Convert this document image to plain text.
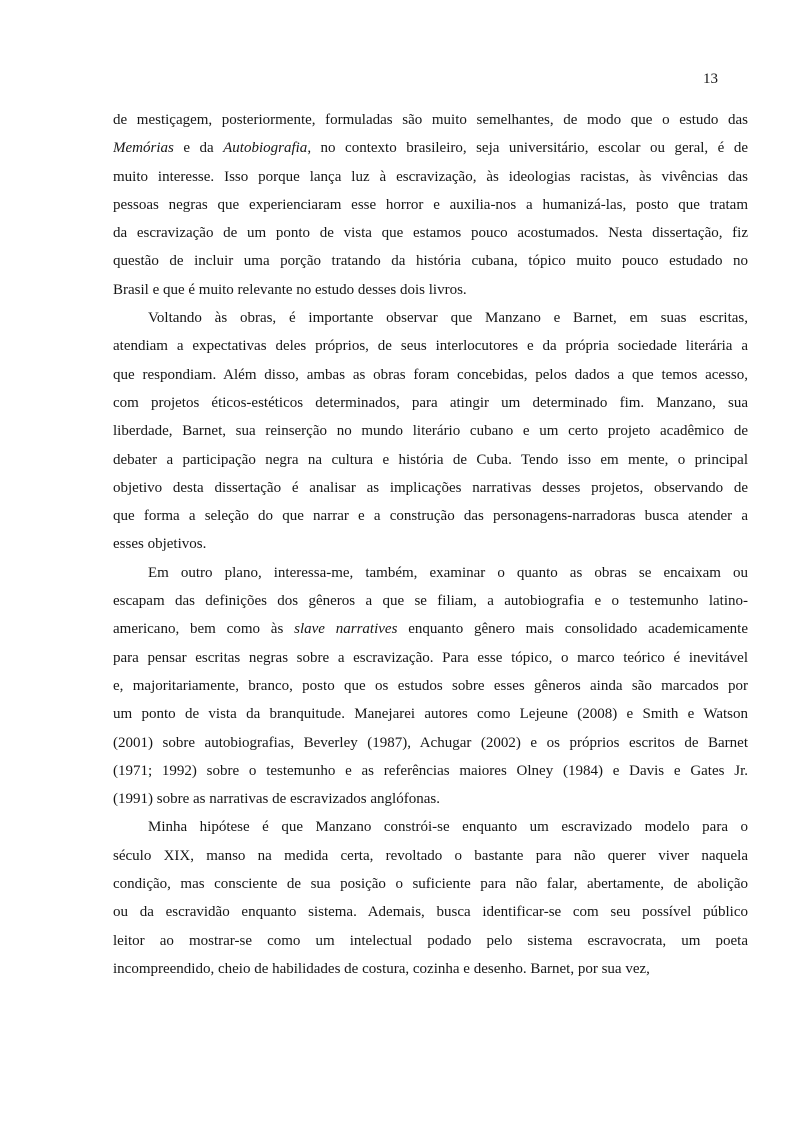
13
de mestiçagem, posteriormente, formuladas são muito semelhantes, de modo que o estudo das
Memórias e da Autobiografia, no contexto brasileiro, seja universitário, escolar ou geral, é de
muito interesse. Isso porque lança luz à escravização, às ideologias racistas, às vivências das
pessoas negras que experienciaram esse horror e auxilia-nos a humanizá-las, posto que tratam
da escravização de um ponto de vista que estamos pouco acostumados. Nesta dissertação, fiz
questão de incluir uma porção tratando da história cubana, tópico muito pouco estudado no
Brasil e que é muito relevante no estudo desses dois livros.
Voltando às obras, é importante observar que Manzano e Barnet, em suas escritas,
atendiam a expectativas deles próprios, de seus interlocutores e da própria sociedade literária a
que respondiam. Além disso, ambas as obras foram concebidas, pelos dados a que temos acesso,
com projetos éticos-estéticos determinados, para atingir um determinado fim. Manzano, sua
liberdade, Barnet, sua reinserção no mundo literário cubano e um certo projeto acadêmico de
debater a participação negra na cultura e história de Cuba. Tendo isso em mente, o principal
objetivo desta dissertação é analisar as implicações narrativas desses projetos, observando de
que forma a seleção do que narrar e a construção das personagens-narradoras busca atender a
esses objetivos.
Em outro plano, interessa-me, também, examinar o quanto as obras se encaixam ou
escapam das definições dos gêneros a que se filiam, a autobiografia e o testemunho latino-
americano, bem como às slave narratives enquanto gênero mais consolidado academicamente
para pensar escritas negras sobre a escravização. Para esse tópico, o marco teórico é inevitável
e, majoritariamente, branco, posto que os estudos sobre esses gêneros ainda são marcados por
um ponto de vista da branquitude. Manejarei autores como Lejeune (2008) e Smith e Watson
(2001) sobre autobiografias, Beverley (1987), Achugar (2002) e os próprios escritos de Barnet
(1971; 1992) sobre o testemunho e as referências maiores Olney (1984) e Davis e Gates Jr.
(1991) sobre as narrativas de escravizados anglófonas.
Minha hipótese é que Manzano constrói-se enquanto um escravizado modelo para o
século XIX, manso na medida certa, revoltado o bastante para não querer viver naquela
condição, mas consciente de sua posição o suficiente para não falar, abertamente, de abolição
ou da escravidão enquanto sistema. Ademais, busca identificar-se com seu possível público
leitor ao mostrar-se como um intelectual podado pelo sistema escravocrata, um poeta
incompreendido, cheio de habilidades de costura, cozinha e desenho. Barnet, por sua vez,
